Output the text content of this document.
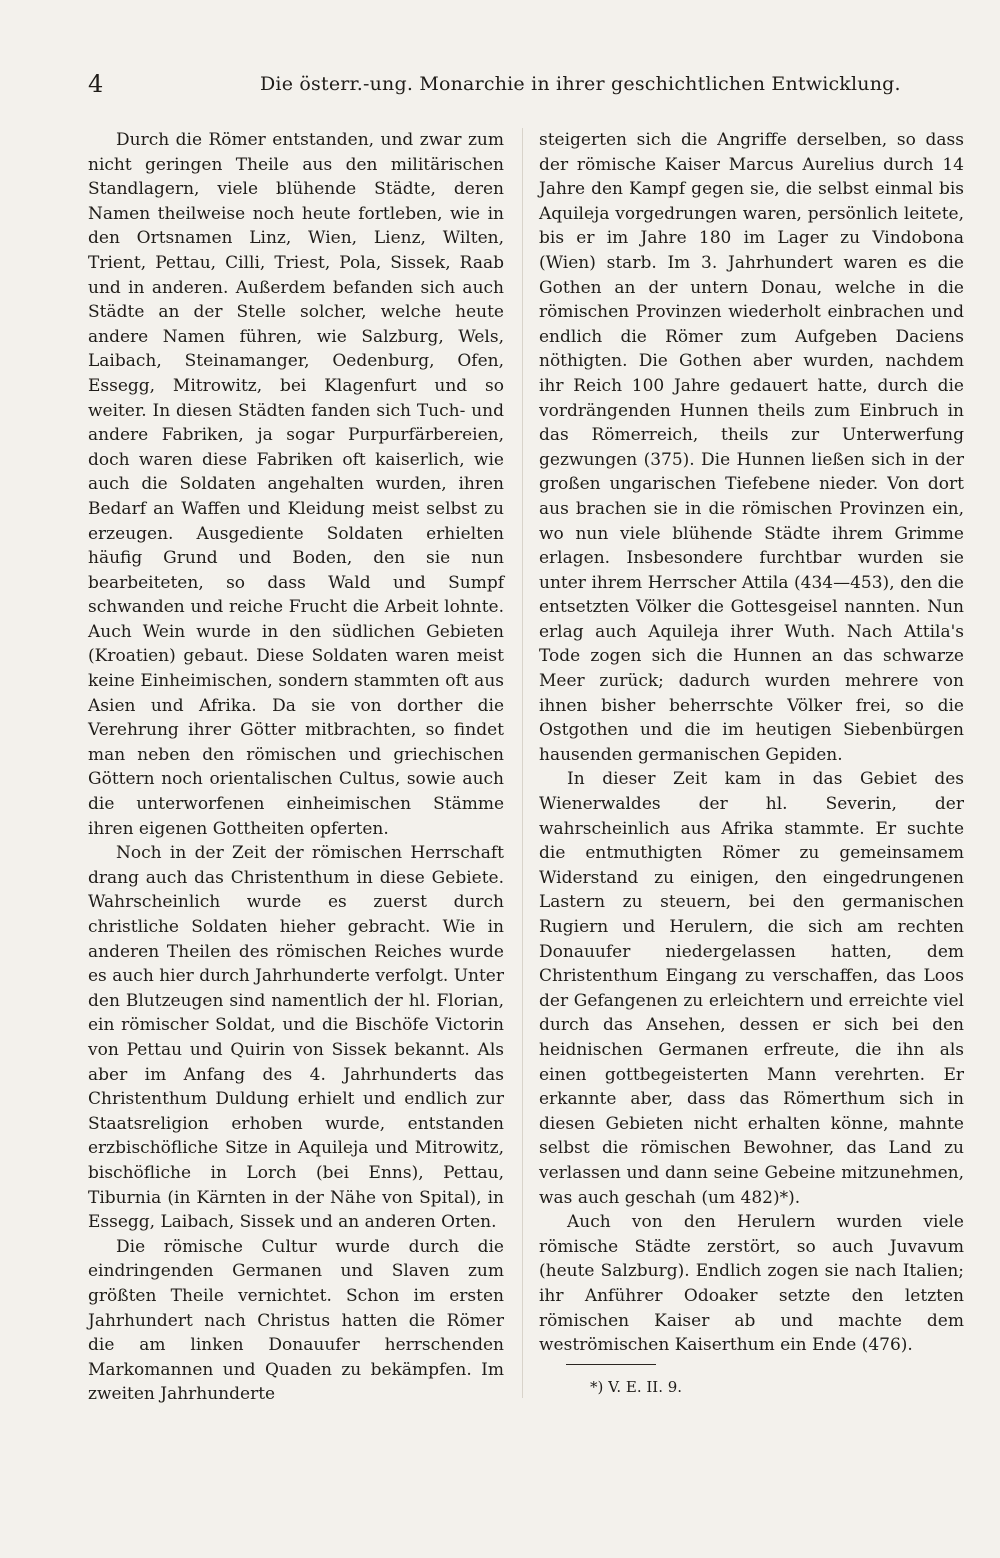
4	Die österr.-ung. Monarchie in ihrer geschichtlichen Entwicklung.

Durch die Römer entstanden, und zwar zum nicht geringen Theile aus den militärischen Standlagern, viele blühende Städte, deren Namen theilweise noch heute fortleben, wie in den Ortsnamen Linz, Wien, Lienz, Wilten, Trient, Pettau, Cilli, Triest, Pola, Sissek, Raab und in anderen. Außerdem befanden sich auch Städte an der Stelle solcher, welche heute andere Namen führen, wie Salzburg, Wels, Laibach, Steinamanger, Oedenburg, Ofen, Essegg, Mitrowitz, bei Klagenfurt und so weiter. In diesen Städten fanden sich Tuch- und andere Fabriken, ja sogar Purpurfärbereien, doch waren diese Fabriken oft kaiserlich, wie auch die Soldaten angehalten wurden, ihren Bedarf an Waffen und Kleidung meist selbst zu erzeugen. Ausgediente Soldaten erhielten häufig Grund und Boden, den sie nun bearbeiteten, so dass Wald und Sumpf schwanden und reiche Frucht die Arbeit lohnte. Auch Wein wurde in den südlichen Gebieten (Kroatien) gebaut. Diese Soldaten waren meist keine Einheimischen, sondern stammten oft aus Asien und Afrika. Da sie von dorther die Verehrung ihrer Götter mitbrachten, so findet man neben den römischen und griechischen Göttern noch orientalischen Cultus, sowie auch die unterworfenen einheimischen Stämme ihren eigenen Gottheiten opferten.

Noch in der Zeit der römischen Herrschaft drang auch das Christenthum in diese Gebiete. Wahrscheinlich wurde es zuerst durch christliche Soldaten hieher gebracht. Wie in anderen Theilen des römischen Reiches wurde es auch hier durch Jahrhunderte verfolgt. Unter den Blutzeugen sind namentlich der hl. Florian, ein römischer Soldat, und die Bischöfe Victorin von Pettau und Quirin von Sissek bekannt. Als aber im Anfang des 4. Jahrhunderts das Christenthum Duldung erhielt und endlich zur Staatsreligion erhoben wurde, entstanden erzbischöfliche Sitze in Aquileja und Mitrowitz, bischöfliche in Lorch (bei Enns), Pettau, Tiburnia (in Kärnten in der Nähe von Spital), in Essegg, Laibach, Sissek und an anderen Orten.

Die römische Cultur wurde durch die eindringenden Germanen und Slaven zum größten Theile vernichtet. Schon im ersten Jahrhundert nach Christus hatten die Römer die am linken Donauufer herrschenden Markomannen und Quaden zu bekämpfen. Im zweiten Jahrhunderte

steigerten sich die Angriffe derselben, so dass der römische Kaiser Marcus Aurelius durch 14 Jahre den Kampf gegen sie, die selbst einmal bis Aquileja vorgedrungen waren, persönlich leitete, bis er im Jahre 180 im Lager zu Vindobona (Wien) starb. Im 3. Jahrhundert waren es die Gothen an der untern Donau, welche in die römischen Provinzen wiederholt einbrachen und endlich die Römer zum Aufgeben Daciens nöthigten. Die Gothen aber wurden, nachdem ihr Reich 100 Jahre gedauert hatte, durch die vordrängenden Hunnen theils zum Einbruch in das Römerreich, theils zur Unterwerfung gezwungen (375). Die Hunnen ließen sich in der großen ungarischen Tiefebene nieder. Von dort aus brachen sie in die römischen Provinzen ein, wo nun viele blühende Städte ihrem Grimme erlagen. Insbesondere furchtbar wurden sie unter ihrem Herrscher Attila (434—453), den die entsetzten Völker die Gottesgeisel nannten. Nun erlag auch Aquileja ihrer Wuth. Nach Attila's Tode zogen sich die Hunnen an das schwarze Meer zurück; dadurch wurden mehrere von ihnen bisher beherrschte Völker frei, so die Ostgothen und die im heutigen Siebenbürgen hausenden germanischen Gepiden.

In dieser Zeit kam in das Gebiet des Wienerwaldes der hl. Severin, der wahrscheinlich aus Afrika stammte. Er suchte die entmuthigten Römer zu gemeinsamem Widerstand zu einigen, den eingedrungenen Lastern zu steuern, bei den germanischen Rugiern und Herulern, die sich am rechten Donauufer niedergelassen hatten, dem Christenthum Eingang zu verschaffen, das Loos der Gefangenen zu erleichtern und erreichte viel durch das Ansehen, dessen er sich bei den heidnischen Germanen erfreute, die ihn als einen gottbegeisterten Mann verehrten. Er erkannte aber, dass das Römerthum sich in diesen Gebieten nicht erhalten könne, mahnte selbst die römischen Bewohner, das Land zu verlassen und dann seine Gebeine mitzunehmen, was auch geschah (um 482)*).

Auch von den Herulern wurden viele römische Städte zerstört, so auch Juvavum (heute Salzburg). Endlich zogen sie nach Italien; ihr Anführer Odoaker setzte den letzten römischen Kaiser ab und machte dem weströmischen Kaiserthum ein Ende (476).

*) V. E. II. 9.
